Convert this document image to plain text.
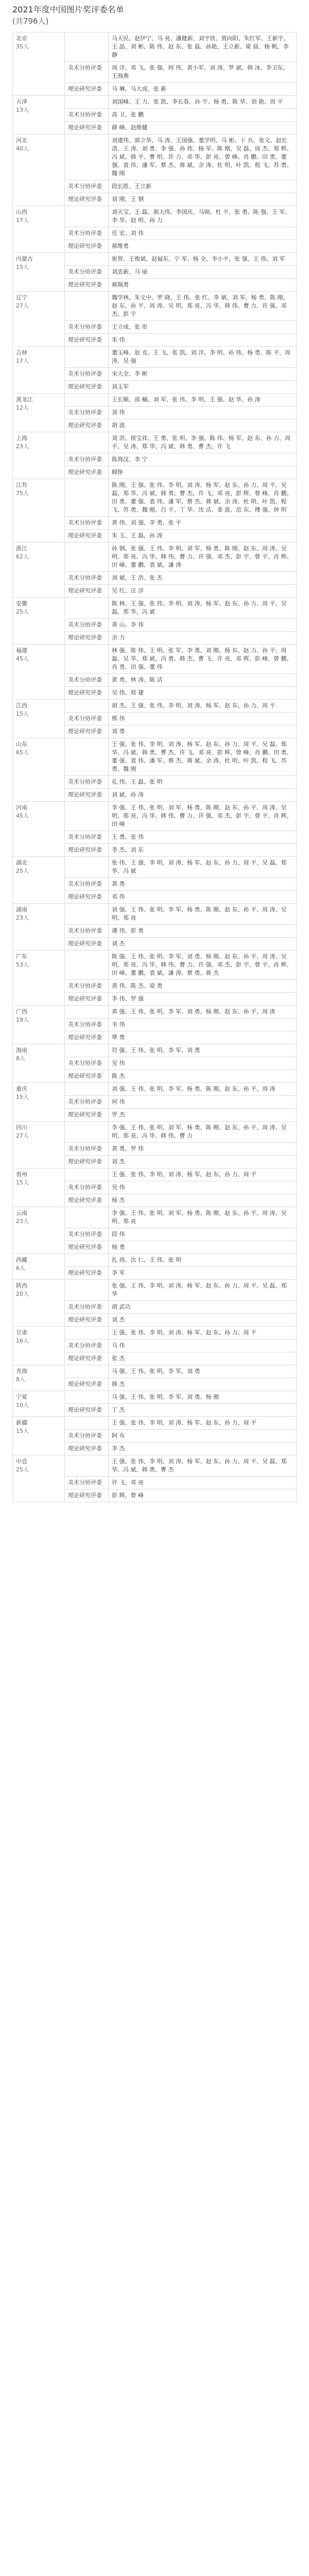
2021年度中国图片奖评委名单
(共796人)
北京
35人		马天民、赵伊宁、马 亮、潘健新、刘宇欣、贾向阳、朱红军、王新宇、王 晶、刘 彬、陈 伟、赵 东、张 磊、孙艳、王立新、梁 晨、杨 帆、李 静
	美术分协评委	周 洋、邓 飞、张 强、何 伟、黄小军、刘 涛、罗 斌、韩 冰、李卫东、王海燕
	理论研究评委	马 琳、马大成、张 新

天津
13人		刘国峰、王 力、张 凯、李长春、孙 宇、杨 勇、陈 华、刘 艳、周 平
	美术分协评委	高 卫、张 鹏
	理论研究评委	薛 峰、赵维健

河北
40人		刘建伟、郭立华、马 涛、王国强、董学明、马 彬、于 兵、张文、赵长清、王 涛、刘 勇、李 强、孙 伟、杨 军、陈 刚、吴 磊、周 杰、郑 辉、冯 斌、韩 平、曹 明、许 力、邓 华、彭 亮、曾 峰、肖 鹏、田 勇、董 强、袁 伟、潘 军、蔡 杰、蒋 斌、余 涛、杜 明、叶 凯、程 飞、苏 勇、魏 刚
	美术分协评委	段长胜、王立新
	理论研究评委	刘 刚、王 钢

山西
17人		刘天宝、王 磊、郝大伟、李国庆、马锦、杜 平、张 勇、陈 强、王 军、李 华、赵 明、孙 力
	美术分协评委	任 宏、刘 伟
	理论研究评委	郝维勇

内蒙古
15人		崔贺、王俊斌、赵福东、宁 军、杨 全、李小平、张 强、王 伟、刘 军
	美术分协评委	刘忠新、马 丽
	理论研究评委	郝瑞勇

辽宁
27人		魏学林、朱文中、罗 晓、王 伟、张 红、李 斌、刘 军、杨 勇、陈 刚、赵 东、孙 平、周 涛、吴 明、郑 亮、冯 华、韩 伟、曹 力、许 强、邓 杰、彭 宇
	美术分协评委	王立成、张 彤
	理论研究评委	朱 伟

吉林
17人		董玉峰、赵 克、王 飞、张 凯、刘 洋、李 明、孙 伟、杨 勇、陈 平、周 涛、吴 强
	美术分协评委	宋大全、李 彬
	理论研究评委	刘玉军

黑龙江
12人		王长顺、邵 楠、刘 军、张 伟、李 明、王 强、赵 华、孙 涛
	美术分协评委	刘 伟
	理论研究评委	胡 波

上海
23人		刘 洪、侯宝祥、王 勇、张 明、李 强、陈 伟、杨 军、赵 东、孙 力、周 平、吴 涛、郑 华、冯 斌、韩 勇、曹 杰、许 飞
	美术分协评委	陈海汶、李 宁
	理论研究评委	顾铮

江苏
75人		陈 刚、王 强、张 伟、李 明、刘 涛、杨 军、赵 东、孙 力、周 平、吴 磊、郑 华、冯 斌、韩 勇、曹 杰、许 飞、邓 亮、彭 辉、曾 峰、肖 鹏、田 勇、董 强、袁 伟、潘 军、蔡 杰、蒋 斌、余 涛、杜 明、叶 凯、程 飞、苏 勇、魏 刚、吕 平、丁 华、沈 洁、姜 波、范 东、傅 强、钟 明
	美术分协评委	黄 伟、刘 强、李 勇、张 平
	理论研究评委	朱 玉、王 磊、孙 涛

浙江
62人		孙 钢、张 强、王 伟、李 明、刘 军、杨 勇、陈 刚、赵 东、周 涛、吴 明、郑 亮、冯 华、韩 伟、曹 力、许 强、邓 杰、彭 宇、曾 平、肖 辉、田 峰、董 鹏、袁 斌、潘 涛
	美术分协评委	刘 斌、王 浩、张 杰
	理论研究评委	吴 红、汪 洋

安徽
25人		陈 林、王 强、张 伟、李 明、刘 涛、杨 军、赵 东、孙 力、周 平、吴 磊、郑 华、冯 斌
	美术分协评委	黄 山、李 伟
	理论研究评委	余 力

福建
45人		林 强、陈 伟、王 明、张 军、李 勇、刘 刚、杨 东、赵 力、孙 平、周 磊、吴 华、郑 斌、冯 勇、韩 杰、曹 飞、许 亮、邓 辉、彭 峰、曾 鹏、肖 勇、田 强、董 伟
	美术分协评委	黄 勇、林 涛、陈 洁
	理论研究评委	吴 伟、郑 建

江西
15人		胡 杰、王 强、张 伟、李 明、刘 涛、杨 军、赵 东、孙 力、周 平
	美术分协评委	熊 伟
	理论研究评委	刘 勇

山东
65人		王 强、张 伟、李 明、刘 涛、杨 军、赵 东、孙 力、周 平、吴 磊、郑 华、冯 斌、韩 勇、曹 杰、许 飞、邓 亮、彭 辉、曾 峰、肖 鹏、田 勇、董 强、袁 伟、潘 军、蔡 杰、蒋 斌、余 涛、杜 明、叶 凯、程 飞、苏 勇、魏 刚
	美术分协评委	孔 伟、王 磊、张 明
	理论研究评委	刘 斌、孙 涛

河南
45人		李 强、王 伟、张 明、刘 军、杨 勇、陈 刚、赵 东、孙 平、周 涛、吴 明、郑 亮、冯 华、韩 伟、曹 力、许 强、邓 杰、彭 宇、曾 平、肖 辉、田 峰
	美术分协评委	王 勇、张 伟
	理论研究评委	李 杰、刘 东

湖北
25人		张 伟、王 强、李 明、刘 涛、杨 军、赵 东、孙 力、周 平、吴 磊、郑 华、冯 斌
	美术分协评委	黄 勇
	理论研究评委	邓 伟

湖南
23人		刘 强、王 伟、张 明、李 军、杨 勇、陈 刚、赵 东、孙 平、周 涛、吴 明、郑 亮
	美术分协评委	谭 伟、彭 勇
	理论研究评委	刘 杰

广东
53人		陈 强、王 伟、张 明、李 军、刘 勇、杨 刚、赵 东、孙 平、周 涛、吴 明、郑 亮、冯 华、韩 伟、曹 力、许 强、邓 杰、彭 宇、曾 平、肖 辉、田 峰、董 鹏、袁 斌、潘 涛、蔡 勇、蒋 杰
	美术分协评委	黄 伟、陈 杰、梁 勇
	理论研究评委	李 伟、罗 强

广西
19人		黄 强、王 伟、张 明、李 军、刘 勇、杨 刚、赵 东、孙 平、周 涛
	美术分协评委	韦 伟
	理论研究评委	覃 勇

海南
8人		符 强、王 伟、张 明、李 军、刘 勇
	美术分协评委	吴 伟
	理论研究评委	陈 杰

重庆
15人		刘 强、王 伟、张 明、李 军、杨 勇、陈 刚、赵 东、孙 平、周 涛
	美术分协评委	何 伟
	理论研究评委	罗 杰

四川
27人		李 强、王 伟、张 明、刘 军、杨 勇、陈 刚、赵 东、孙 平、周 涛、吴 明、郑 亮、冯 华、韩 伟、曹 力
	美术分协评委	黄 勇、罗 伟
	理论研究评委	刘 杰

贵州
15人		王 强、张 伟、李 明、刘 涛、杨 军、赵 东、孙 力、周 平
	美术分协评委	吴 伟
	理论研究评委	杨 杰

云南
23人		李 强、王 伟、张 明、刘 军、杨 勇、陈 刚、赵 东、孙 平、周 涛、吴 明、郑 亮
	美术分协评委	段 伟
	理论研究评委	杨 勇

西藏
6人		扎 西、次 仁、王 伟、张 明
	理论研究评委	李 军

陕西
20人		张 强、王 伟、李 明、刘 涛、杨 军、赵 东、孙 力、周 平、吴 磊、郑 华
	美术分协评委	胡 武功
	理论研究评委	刘 杰

甘肃
16人		王 强、张 伟、李 明、刘 涛、杨 军、赵 东、孙 力、周 平
	美术分协评委	马 伟
	理论研究评委	张 杰

青海
8人		马 强、王 伟、张 明、李 军、刘 勇
	理论研究评委	韩 杰

宁夏
10人		马 强、王 伟、张 明、李 军、刘 勇、杨 刚
	理论研究评委	丁 杰

新疆
15人		王 强、张 伟、李 明、刘 涛、杨 军、赵 东、孙 力、周 平
	美术分协评委	阿 布
	理论研究评委	李 杰

中直
25人		王 强、张 伟、李 明、刘 涛、杨 军、赵 东、孙 力、周 平、吴 磊、郑 华、冯 斌、韩 勇、曹 杰
	美术分协评委	许 飞、邓 亮
	理论研究评委	彭 辉、曾 峰
